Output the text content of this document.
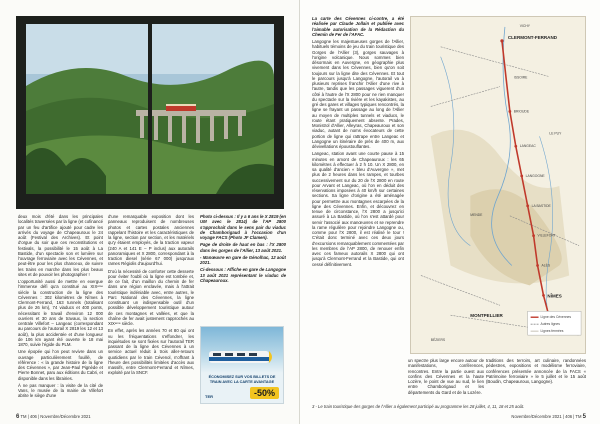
deux mois d'été dans les principales localités traversées par la ligne (et cofinancé par un feu d'artifice ajouté pour cadre les arrivés du voyage de Chapeauroux le 24 août (Festival des Archives). Et point d'orgue du soir que ces reconstitutions et festivals, la possibilité le 15 août à La Bastide, d'un spectacle son et lumière sur l'ouvrage ferroviaire avec les Cévennes, et peut-être pour les plus chanceux, de suivre les trains en marche dans les plus beaux sites et de pouvoir les photographier !

L'opportunité aussi de mettre en exergue l'immense défi qu'a constitué au XIXᵉᵐᵉ siècle la construction de la ligne des Cévennes : 302 kilomètres de Nîmes à Clermont-Ferrand, 163 tunnels (totalisant plus de 26 km), 74 viaducs et 400 ponts, nécessitant le travail d'environ 12 000 ouvriers et 30 ans de travaux, la section centrale Villefort – Langeac (correspondant au parcours de l'autorail X 2819 les 12 et 13 août), la plus accidentée et d'une longueur de 106 km ayant été ouverte le 18 mai 1870, suivie l'égide du PLM.

Une épopée qui l'on peut revivre dans un ouvrage particulièrement fouillé, de référence : « la grande histoire de la ligne des Cévennes », par Jean-Paul Pignède et Pierre Bonnet, paru aux éditions du Cabri, et disponible dans les librairies.

À ne pas manquer : la visite de la cité de Vans, le musée de la mairie de Villefort abrite le siège d'une

d'une remarquable exposition dont les panneaux reproduisent de nombreuses photos et cartes postales anciennes rappelant l'histoire et les caractéristiques de la ligne, section par section, et les matériels qu'y étaient employés, de la traction vapeur (240 A et 141 E – P inclus) aux autorails panoramiques et X 2800, correspondant à la traction diesel (série 67 000) jusqu'aux rames Régiolis d'aujourd'hui.

D'où la nécessité de conforter cette desserte pour éviter l'oubli où la ligne est tombée et, de ce fait, d'un maillon du chemin de fer dans une région enclavée, mais à l'attrait touristique indéniable avec, entre autres, le Parc National des Cévennes, la ligne constituant un indispensable outil d'un possible développement touristique autour de ces montagnes et vallées, et que la chaîne de fer avait justement rapprochés au XIXᵉᵐᵉ siècle.

En effet, après les années 70 et 80 qui ont vu les fréquentations s'effondrer, les inquiétudes se sont fixées sur l'autorail TER passant de la ligne des Cévennes à un service actuel réduit à trois aller-retours quotidiens par le train Cévenol, n'offrant à l'heure des possibilités limitées d'accès aux massifs, entre Clermont-Ferrand et Nîmes, exploité par la SNCF.

Photo ci-dessus : Il y a 6 ans le X 2819 (en UM avec le 2814) de l'AP 2800 s'approchait dans le sens pair du viaduc de Chamborigaud à l'occasion d'un voyage FACS (Photo JF Clamen).

Page de droite de haut en bas : l'X 2800 dans les gorges de l'Allier, 13 août 2021.

- Manœuvre en gare de Génolhac, 12 août 2021.

Ci-dessous : Affiche en gare de Langogne 13 août 2021 représentant le viaduc de Chapeauroux.

ÉCONOMISEZ SUR VOS BILLETS DE TRAIN AVEC LA CARTE AVANTAGE
TER	-50%
6 TM | 406 | Novembre/Décembre 2021

La carte des Cévennes ci-contre, a été réalisée par Claude Jollain et publiée avec l'aimable autorisation de la Rédaction du Chemin de Fer de l'AFAC.

Langogne les majestueuses gorges de l'Allier, habituels témoins de jeu du train touristique des Gorges de l'Allier (3), gorges sauvages à l'origine volcanique. Nous sommes bien désormais en Auvergne, en géographie plus vivement dans les Cévennes, bien qu'on soit toujours sur la ligne dite des Cévennes. Et tout le parcours jusqu'à Langogne, l'autorail va à plusieurs reprises franchir l'Allier d'une rive à l'autre, tandis que les passages viguerent d'un côté à l'autre de l'X 2800 pour ne rien manquer du spectacle sur la rivière et les kayakistes, au gré des gares et villages typiques rencontrés, la ligne se frayant un passage au long de l'Allier au moyen de multiples tunnels et viaducs, le route étant pratiquement absente. Prades, Monistrol d'Allier, Alleyras, Chapeauroux et son viaduc, autant de noms évocateurs de cette portion de ligne qui rattrape entre Langeac et Langogne un itinéraire de près de 400 m, aux dévivellations époustouflantes.

Langeac, station avant une courte pause à 15 minutes en amont de Chapeauroux : les 65 kilomètres à effectuer à 2 h 10. Un X 2800, en sa qualité d'ancien « bleu d'Auvergne », met plus de 2 heures dans les rampes, et tourbes successivement sur du 20 de l'X 2800 en route pour Arvant et Langeac, où l'on en déduit des réservations imposées à 40 km/h sur certaines sections. Sa ligne d'origine a été aménagée pour permettre aux montagnes escarpées de la ligne des Cévennes. Enfin, et découvrez en tenue de circonstance, l'X 2800 a jusqu'ici assuré à La Bastide, où l'on s'est attardé pour servir l'associé aux manœuvres et se reprendre la rame régulière pour rejoindre Langogne ou, comme pour l'X 2800, il est réalisé le tour ! C'était donc terminé avec ces deux jours d'excursions remarquablement commentées par les membres de l'AP 2800, de renouer enfin avec ces fameux autorails X 2800 qui ont jusqu'à Clermont-Ferrand et la Bastide, qui ont cessé définitivement.

CLERMONT-FERRAND
VICHY
ISSOIRE
BRIOUDE
LANGEAC
LANGOGNE
LA BASTIDE
VILLEFORT
ALÈS
NÎMES
MONTPELLIER
BÉZIERS
LE PUY
MENDE
Ligne des Cévennes
Autres lignes
Lignes fermées

un spectre plus large encore autour de manifestations, conférences, rencontres. Entre la partie ouest aux confins des Cévennes et la haute Lozère, le point de vue au sud, le lien entre Chamborigaud et les départements du Gard et de la Lozère.

traditions des terroirs, art culinaire, randonnées pédestres, expositions et modélisme ferroviaire, conférences présentée annoncée de la FACS « Patrimoine ferroviaire » le 5 juillet et le 15 août (Boudin, Chapeauroux, Langogne).

3 - Le train touristique des gorges de l'Allier a également participé au programme les 28 juillet, 4, 11, 18 et 25 août.
Novembre/Décembre 2021 | 406 | TM 5
